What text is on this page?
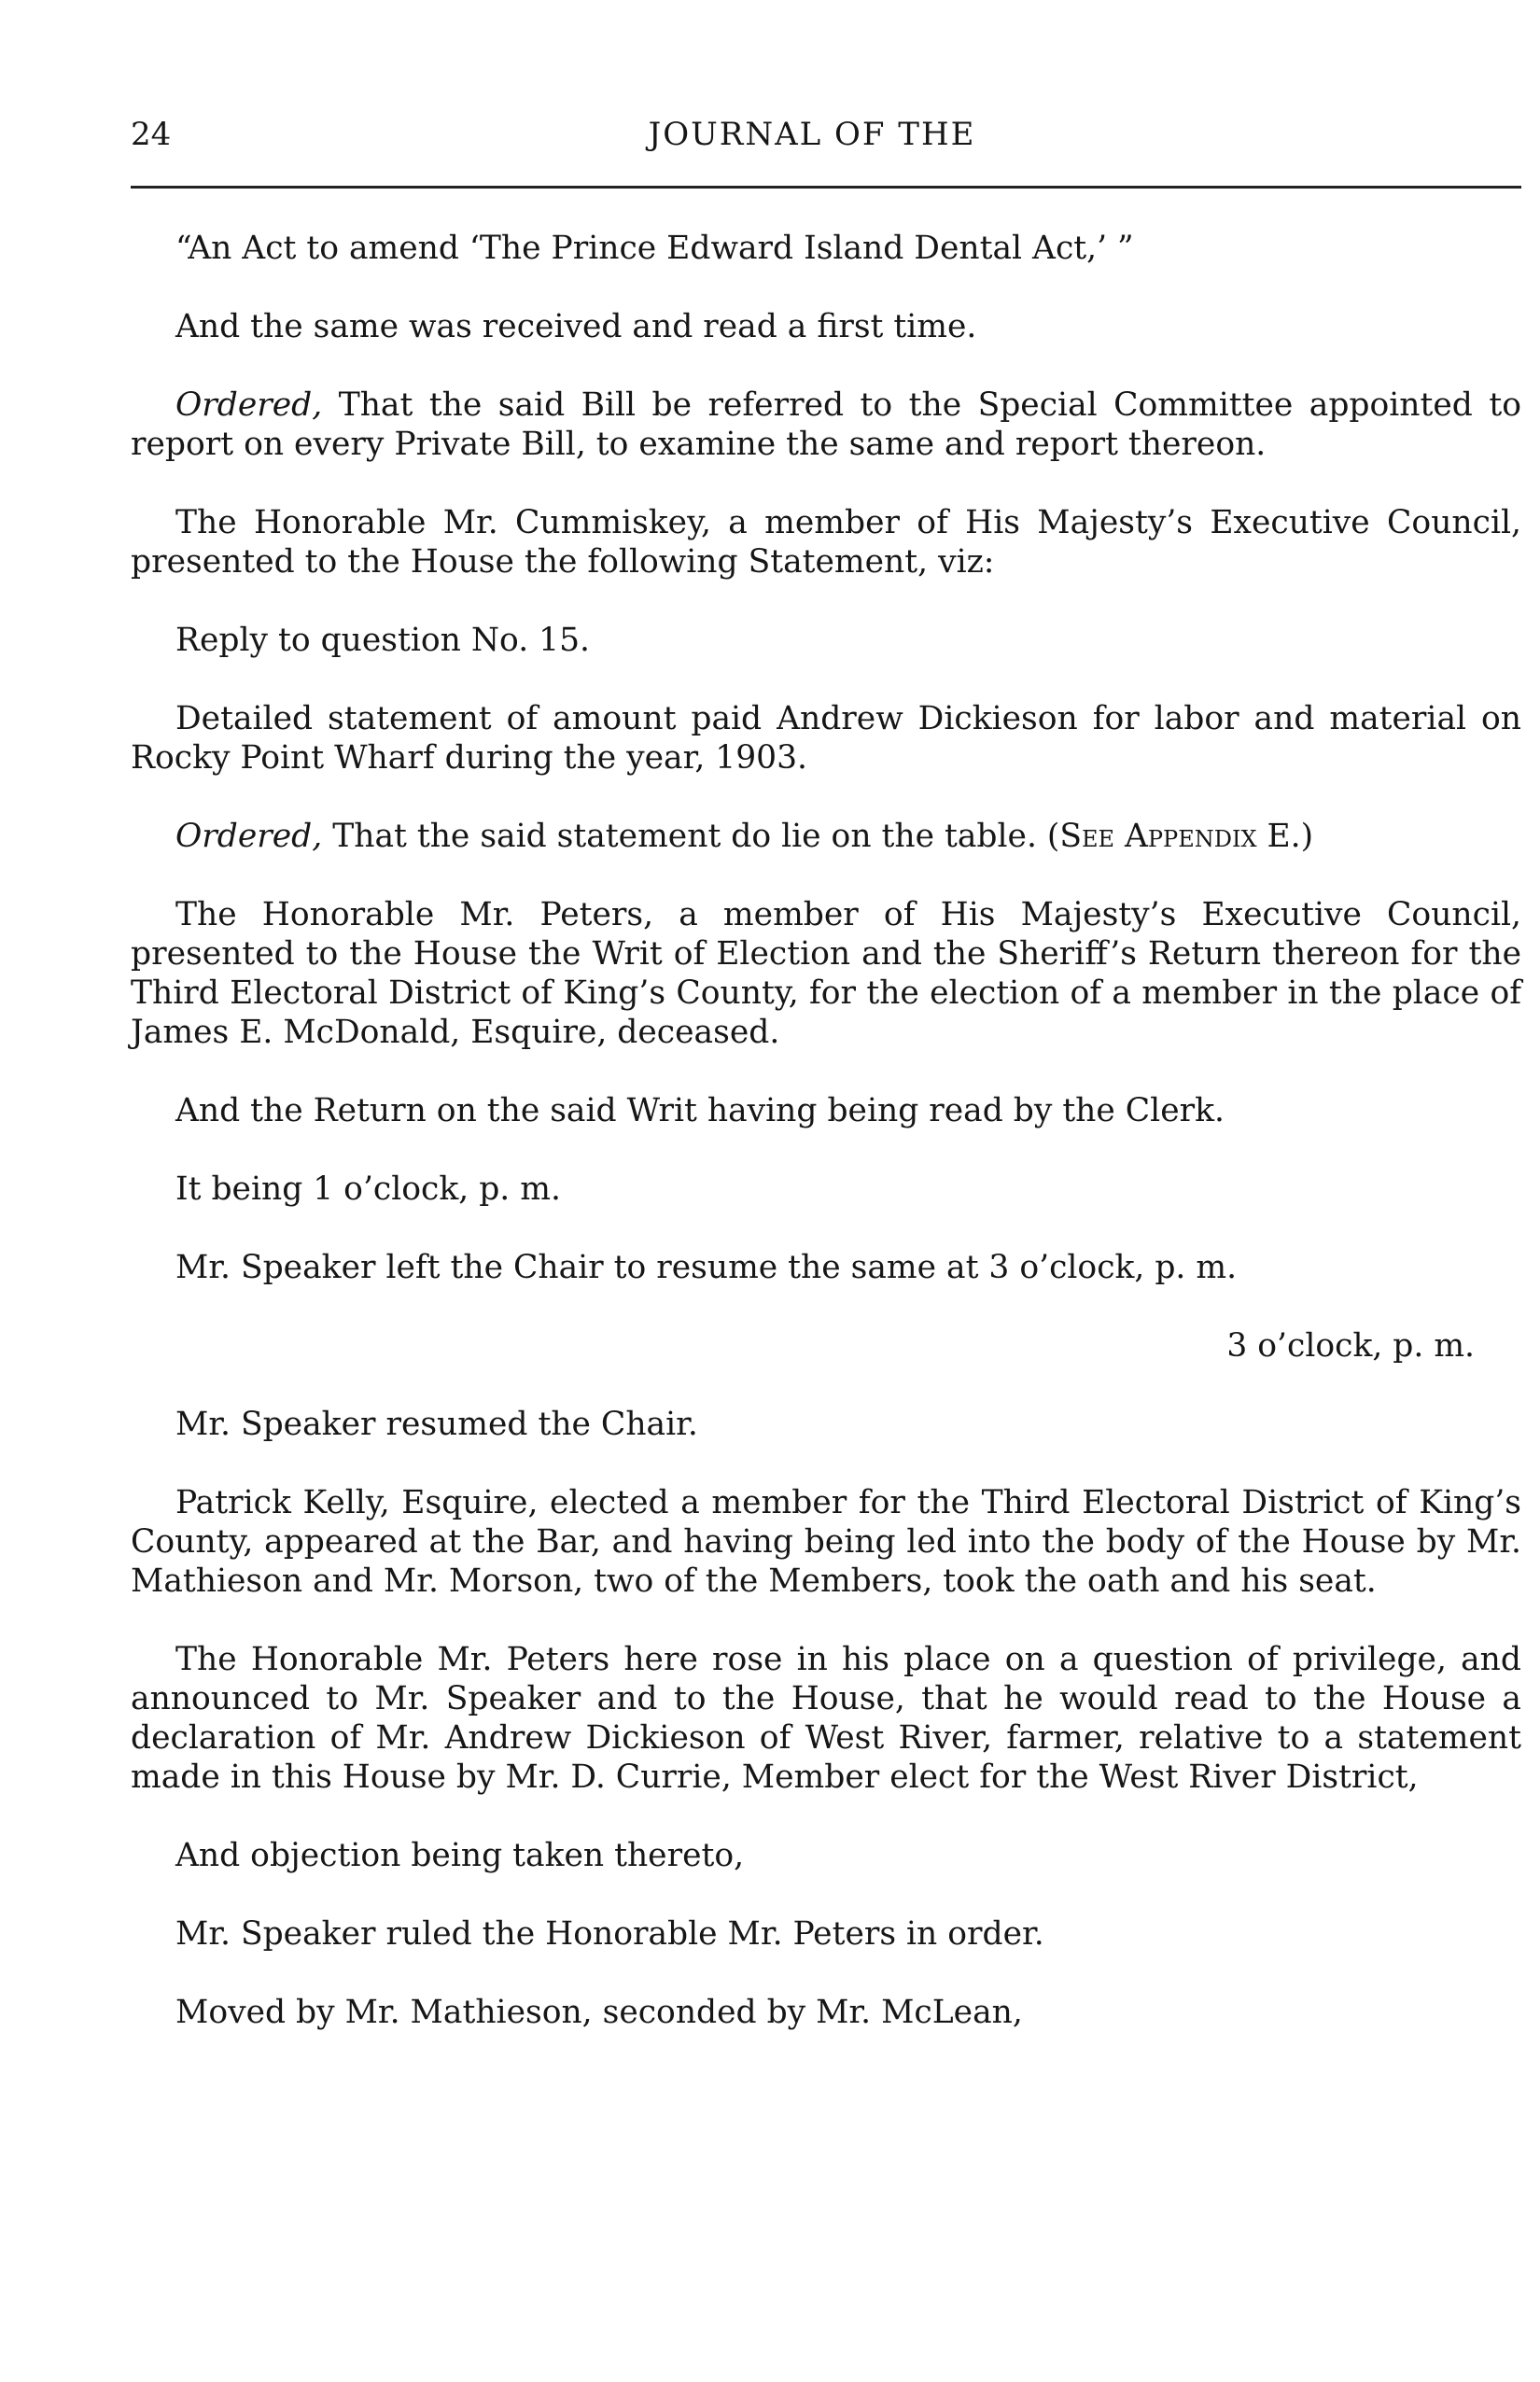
24	JOURNAL OF THE

“An Act to amend ‘The Prince Edward Island Dental Act,’ ”

And the same was received and read a first time.

Ordered, That the said Bill be referred to the Special Committee appointed to report on every Private Bill, to examine the same and report thereon.

The Honorable Mr. Cummiskey, a member of His Majesty’s Executive Council, presented to the House the following Statement, viz:

Reply to question No. 15.

Detailed statement of amount paid Andrew Dickieson for labor and material on Rocky Point Wharf during the year, 1903.

Ordered, That the said statement do lie on the table. (See Appendix E.)

The Honorable Mr. Peters, a member of His Majesty’s Executive Council, presented to the House the Writ of Election and the Sheriff’s Return thereon for the Third Electoral District of King’s County, for the election of a member in the place of James E. McDonald, Esquire, deceased.

And the Return on the said Writ having being read by the Clerk.

It being 1 o’clock, p. m.

Mr. Speaker left the Chair to resume the same at 3 o’clock, p. m.

3 o’clock, p. m.

Mr. Speaker resumed the Chair.

Patrick Kelly, Esquire, elected a member for the Third Electoral District of King’s County, appeared at the Bar, and having being led into the body of the House by Mr. Mathieson and Mr. Morson, two of the Members, took the oath and his seat.

The Honorable Mr. Peters here rose in his place on a question of privilege, and announced to Mr. Speaker and to the House, that he would read to the House a declaration of Mr. Andrew Dickieson of West River, farmer, relative to a statement made in this House by Mr. D. Currie, Member elect for the West River District,

And objection being taken thereto,

Mr. Speaker ruled the Honorable Mr. Peters in order.

Moved by Mr. Mathieson, seconded by Mr. McLean,
